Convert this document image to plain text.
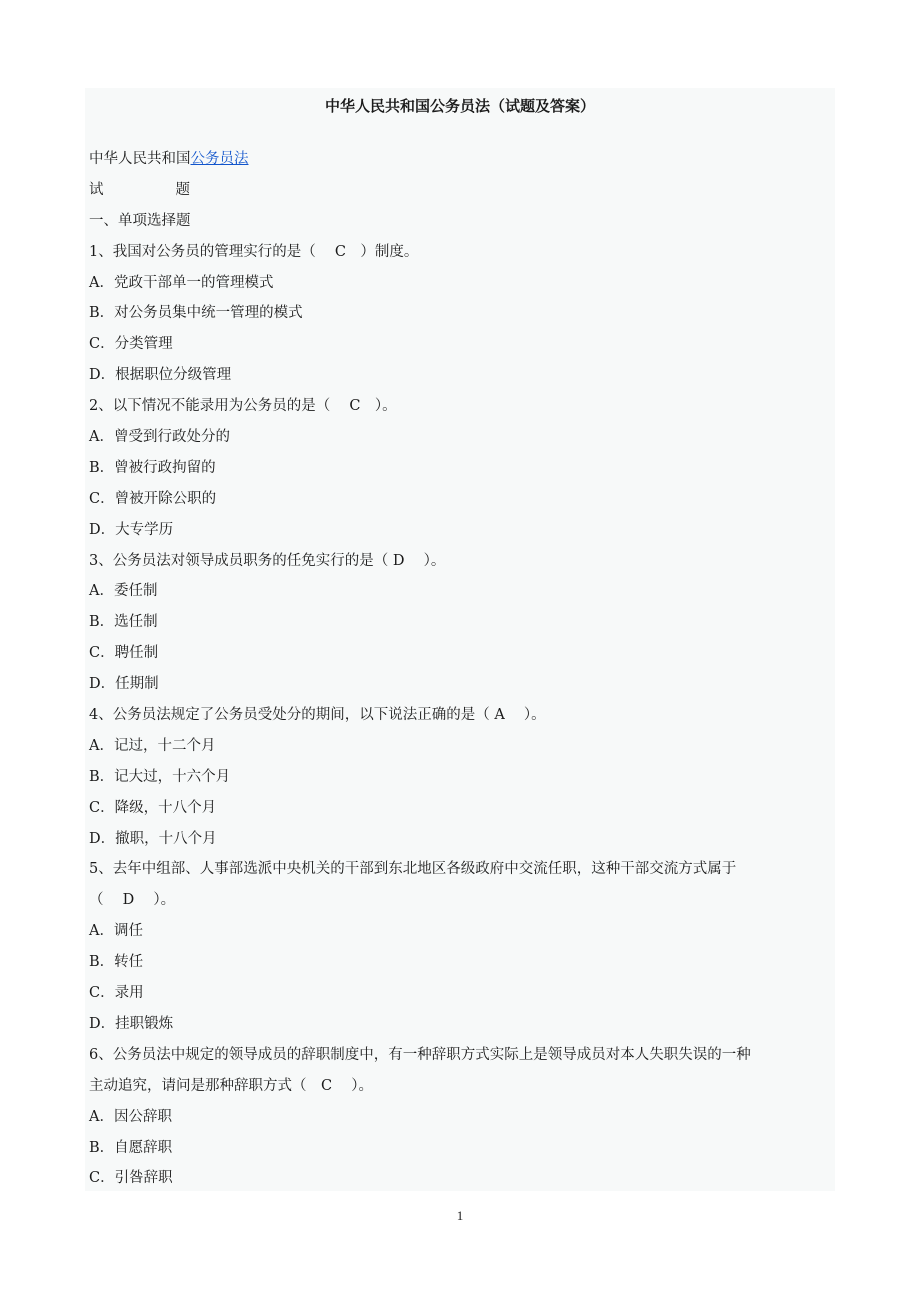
中华人民共和国公务员法（试题及答案）
中华人民共和国公务员法
试	题
一、单项选择题
1、我国对公务员的管理实行的是（　 C　）制度。
A．党政干部单一的管理模式
B．对公务员集中统一管理的模式
C．分类管理
D．根据职位分级管理
2、以下情况不能录用为公务员的是（　 C　）。
A．曾受到行政处分的
B．曾被行政拘留的
C．曾被开除公职的
D．大专学历
3、公务员法对领导成员职务的任免实行的是（ D　 ）。
A．委任制
B．选任制
C．聘任制
D．任期制
4、公务员法规定了公务员受处分的期间，以下说法正确的是（ A　 ）。
A．记过，十二个月
B．记大过，十六个月
C．降级，十八个月
D．撤职，十八个月
5、去年中组部、人事部选派中央机关的干部到东北地区各级政府中交流任职，这种干部交流方式属于
（　 D　 ）。
A．调任
B．转任
C．录用
D．挂职锻炼
6、公务员法中规定的领导成员的辞职制度中，有一种辞职方式实际上是领导成员对本人失职失误的一种
主动追究，请问是那种辞职方式（　C　 ）。
A．因公辞职
B．自愿辞职
C．引咎辞职
1
